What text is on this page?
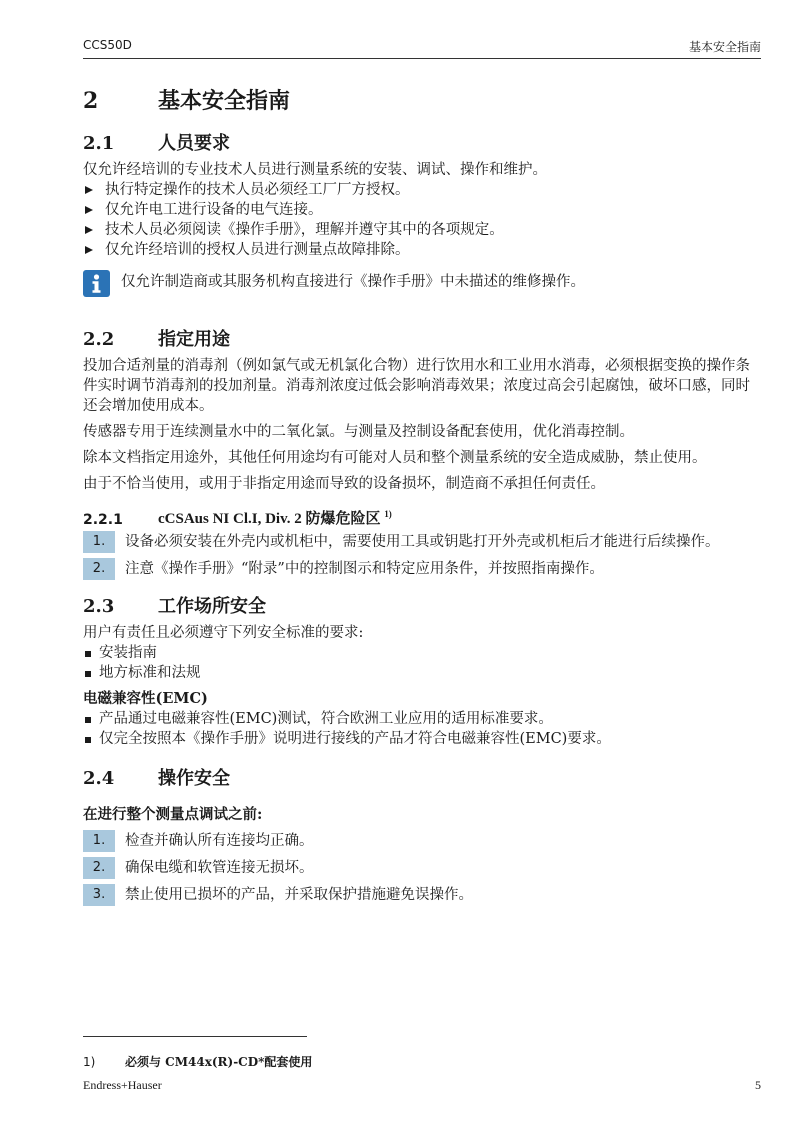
CCS50D	基本安全指南
2	基本安全指南
2.1 人员要求

仅允许经培训的专业技术人员进行测量系统的安装、调试、操作和维护。

执行特定操作的技术人员必须经工厂厂方授权。
仅允许电工进行设备的电气连接。
技术人员必须阅读《操作手册》，理解并遵守其中的各项规定。
仅允许经培训的授权人员进行测量点故障排除。
仅允许制造商或其服务机构直接进行《操作手册》中未描述的维修操作。
2.2 指定用途

投加合适剂量的消毒剂（例如氯气或无机氯化合物）进行饮用水和工业用水消毒，必须根据变换的操作条件实时调节消毒剂的投加剂量。消毒剂浓度过低会影响消毒效果；浓度过高会引起腐蚀，破坏口感，同时还会增加使用成本。

传感器专用于连续测量水中的二氧化氯。与测量及控制设备配套使用，优化消毒控制。

除本文档指定用途外，其他任何用途均有可能对人员和整个测量系统的安全造成威胁，禁止使用。

由于不恰当使用，或用于非指定用途而导致的设备损坏，制造商不承担任何责任。

2.2.1 cCSAus NI Cl.I, Div. 2 防爆危险区 $^{1)}$
1.	设备必须安装在外壳内或机柜中，需要使用工具或钥匙打开外壳或机柜后才能进行后续操作。
2.	注意《操作手册》“附录”中的控制图示和特定应用条件，并按照指南操作。
2.3 工作场所安全

用户有责任且必须遵守下列安全标准的要求:

安装指南
地方标准和法规
电磁兼容性(EMC)
产品通过电磁兼容性(EMC)测试，符合欧洲工业应用的适用标准要求。
仅完全按照本《操作手册》说明进行接线的产品才符合电磁兼容性(EMC)要求。
2.4 操作安全
在进行整个测量点调试之前:
1.	检查并确认所有连接均正确。
2.	确保电缆和软管连接无损坏。
3.	禁止使用已损坏的产品，并采取保护措施避免误操作。
1) 必须与 CM44x(R)-CD*配套使用
Endress+Hauser	5
